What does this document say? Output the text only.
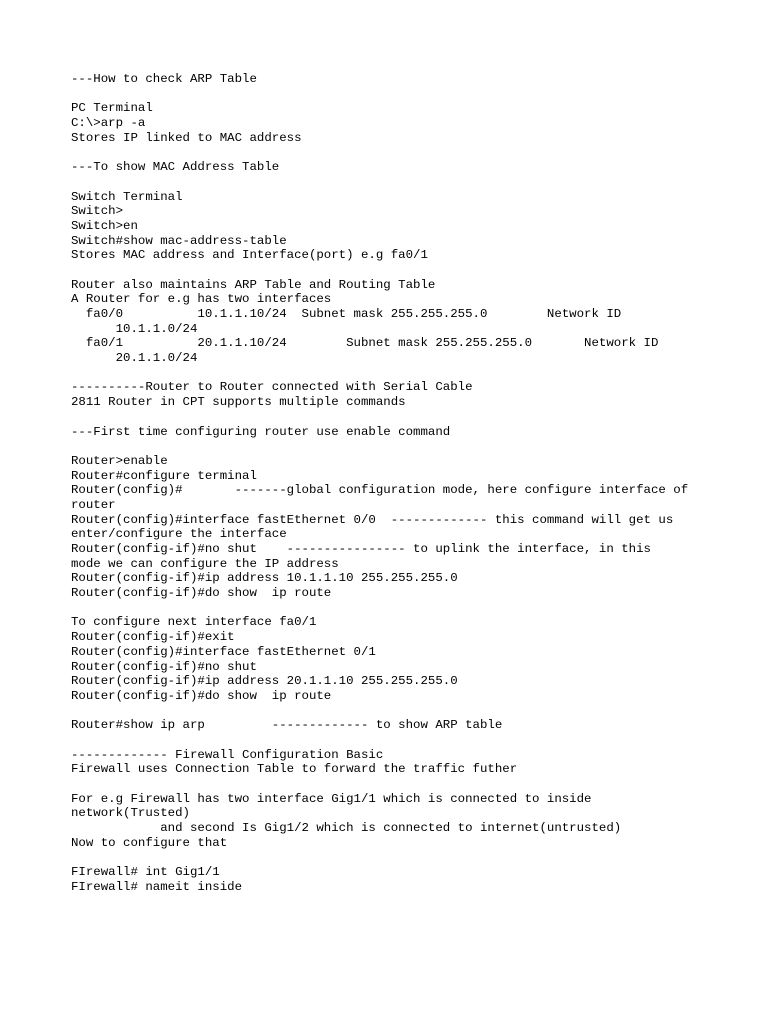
---How to check ARP Table
PC Terminal
C:\>arp -a
Stores IP linked to MAC address
---To show MAC Address Table
Switch Terminal
Switch>
Switch>en
Switch#show mac-address-table
Stores MAC address and Interface(port) e.g fa0/1
Router also maintains ARP Table and Routing Table
A Router for e.g has two interfaces
fa0/0          10.1.1.10/24  Subnet mask 255.255.255.0        Network ID
10.1.1.0/24
fa0/1          20.1.1.10/24        Subnet mask 255.255.255.0       Network ID
20.1.1.0/24
----------Router to Router connected with Serial Cable
2811 Router in CPT supports multiple commands
---First time configuring router use enable command
Router>enable
Router#configure terminal
Router(config)#       -------global configuration mode, here configure interface of
router
Router(config)#interface fastEthernet 0/0  ------------- this command will get us
enter/configure the interface
Router(config-if)#no shut    ---------------- to uplink the interface, in this
mode we can configure the IP address
Router(config-if)#ip address 10.1.1.10 255.255.255.0
Router(config-if)#do show  ip route
To configure next interface fa0/1
Router(config-if)#exit
Router(config)#interface fastEthernet 0/1
Router(config-if)#no shut
Router(config-if)#ip address 20.1.1.10 255.255.255.0
Router(config-if)#do show  ip route
Router#show ip arp         ------------- to show ARP table
------------- Firewall Configuration Basic
Firewall uses Connection Table to forward the traffic futher
For e.g Firewall has two interface Gig1/1 which is connected to inside
network(Trusted)
and second Is Gig1/2 which is connected to internet(untrusted)
Now to configure that
FIrewall# int Gig1/1
FIrewall# nameit inside
